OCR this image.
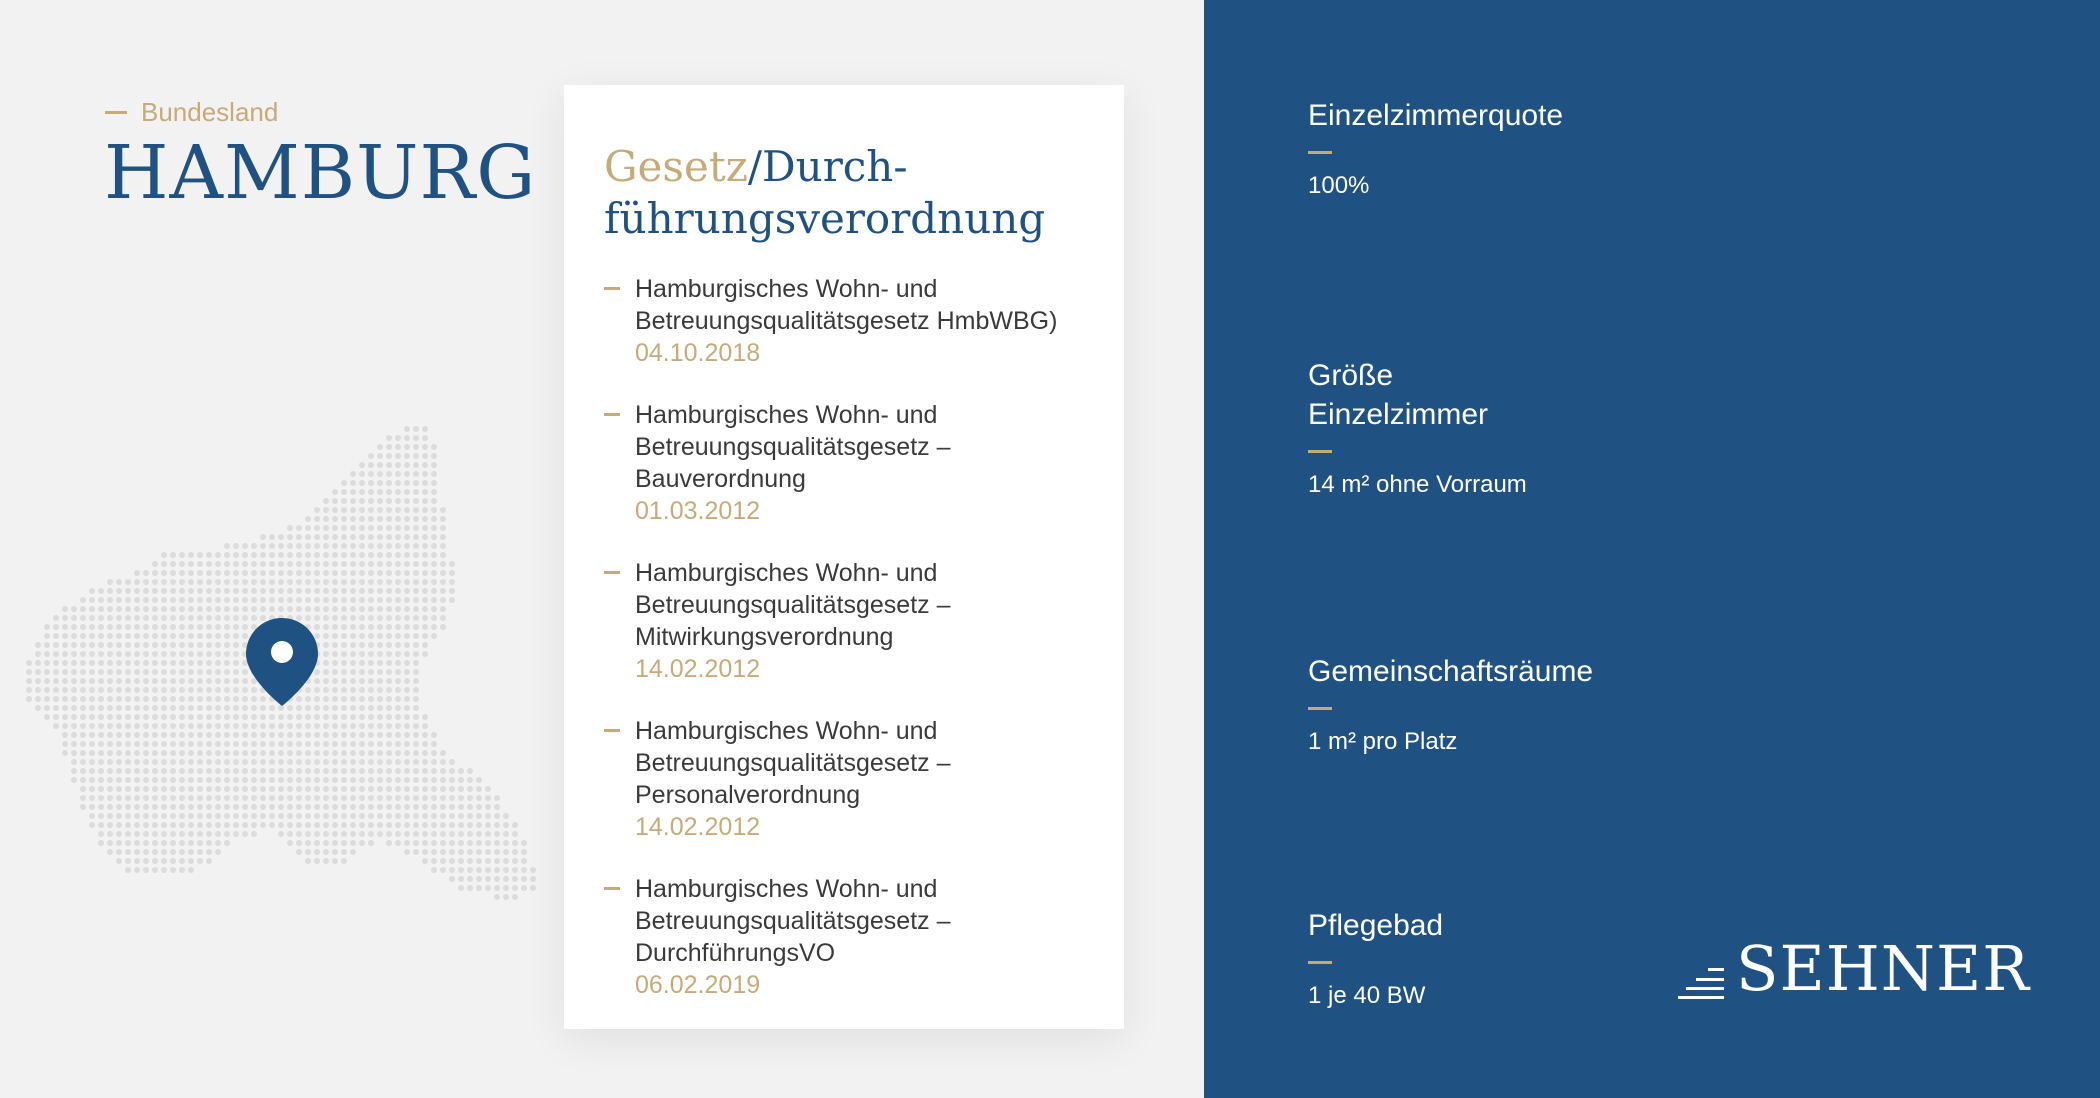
Bundesland
HAMBURG Gesetz/Durch-
führungsverordnung
Hamburgisches Wohn- und
Betreuungsqualitätsgesetz HmbWBG)
04.10.2018
Hamburgisches Wohn- und
Betreuungsqualitätsgesetz –
Bauverordnung
01.03.2012
Hamburgisches Wohn- und
Betreuungsqualitätsgesetz –
Mitwirkungsverordnung
14.02.2012
Hamburgisches Wohn- und
Betreuungsqualitätsgesetz –
Personalverordnung
14.02.2012
Hamburgisches Wohn- und
Betreuungsqualitätsgesetz –
DurchführungsVO
06.02.2019
Einzelzimmerquote
100%
Größe
Einzelzimmer
14 m² ohne Vorraum
Gemeinschaftsräume
1 m² pro Platz
Pflegebad
1 je 40 BW	SEHNER
